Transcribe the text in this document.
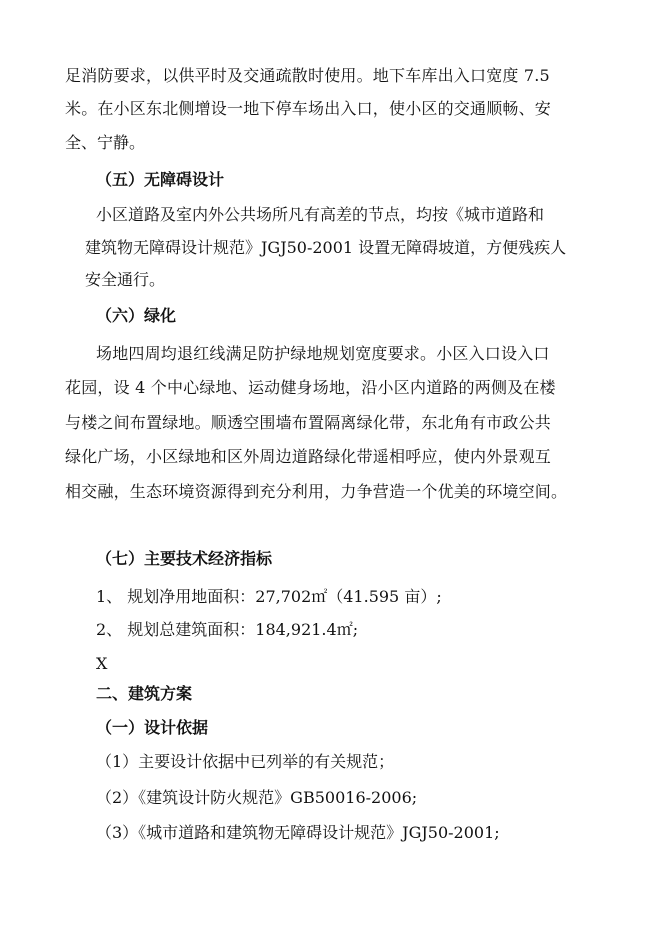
足消防要求，以供平时及交通疏散时使用。地下车库出入口宽度 7.5
米。在小区东北侧增设一地下停车场出入口，使小区的交通顺畅、安
全、宁静。
（五）无障碍设计
小区道路及室内外公共场所凡有高差的节点，均按《城市道路和
建筑物无障碍设计规范》JGJ50-2001 设置无障碍坡道，方便残疾人
安全通行。
（六）绿化
场地四周均退红线满足防护绿地规划宽度要求。小区入口设入口
花园，设 4 个中心绿地、运动健身场地，沿小区内道路的两侧及在楼
与楼之间布置绿地。顺透空围墙布置隔离绿化带，东北角有市政公共
绿化广场，小区绿地和区外周边道路绿化带遥相呼应，使内外景观互
相交融，生态环境资源得到充分利用，力争营造一个优美的环境空间。
（七）主要技术经济指标
1、 规划净用地面积：27,702㎡（41.595 亩）;
2、 规划总建筑面积：184,921.4㎡;
X
二、建筑方案
（一）设计依据
（1）主要设计依据中已列举的有关规范；
（2）《建筑设计防火规范》GB50016-2006;
（3）《城市道路和建筑物无障碍设计规范》JGJ50-2001;
